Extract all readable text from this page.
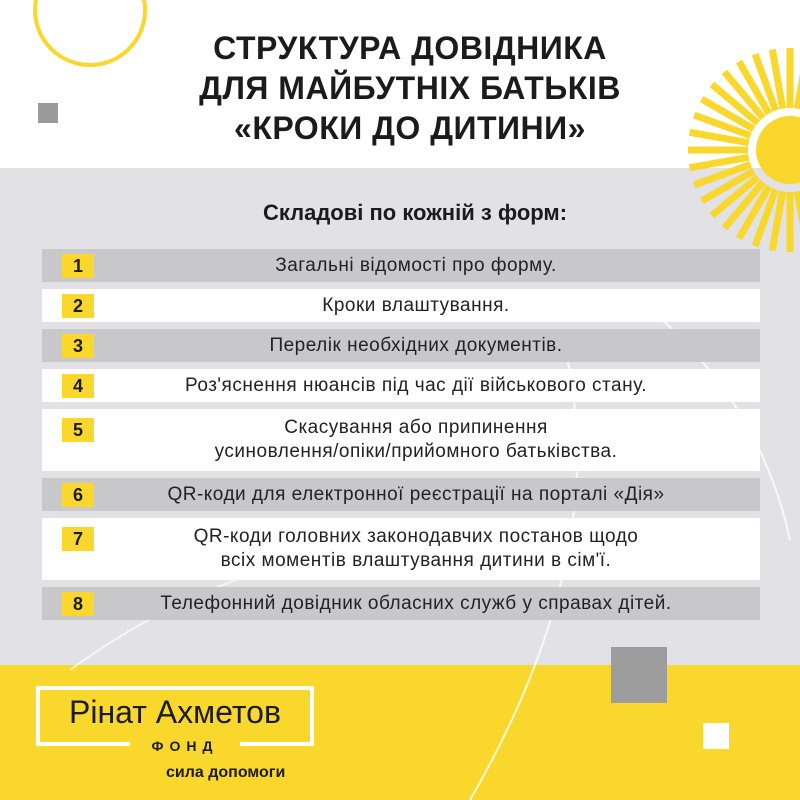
СТРУКТУРА ДОВІДНИКА
ДЛЯ МАЙБУТНІХ БАТЬКІВ
«КРОКИ ДО ДИТИНИ»
Складові по кожній з форм:
1	Загальні відомості про форму.
2	Кроки влаштування.
3	Перелік необхідних документів.
4	Роз'яснення нюансів під час дії військового стану.
5	Скасування або припинення
усиновлення/опіки/прийомного батьківства.
6	QR-коди для електронної реєстрації на порталі «Дія»
7	QR-коди головних законодавчих постанов щодо
всіх моментів влаштування дитини в сім'ї.
8	Телефонний довідник обласних служб у справах дітей.
Рінат Ахметов
ФОНД
сила допомоги
